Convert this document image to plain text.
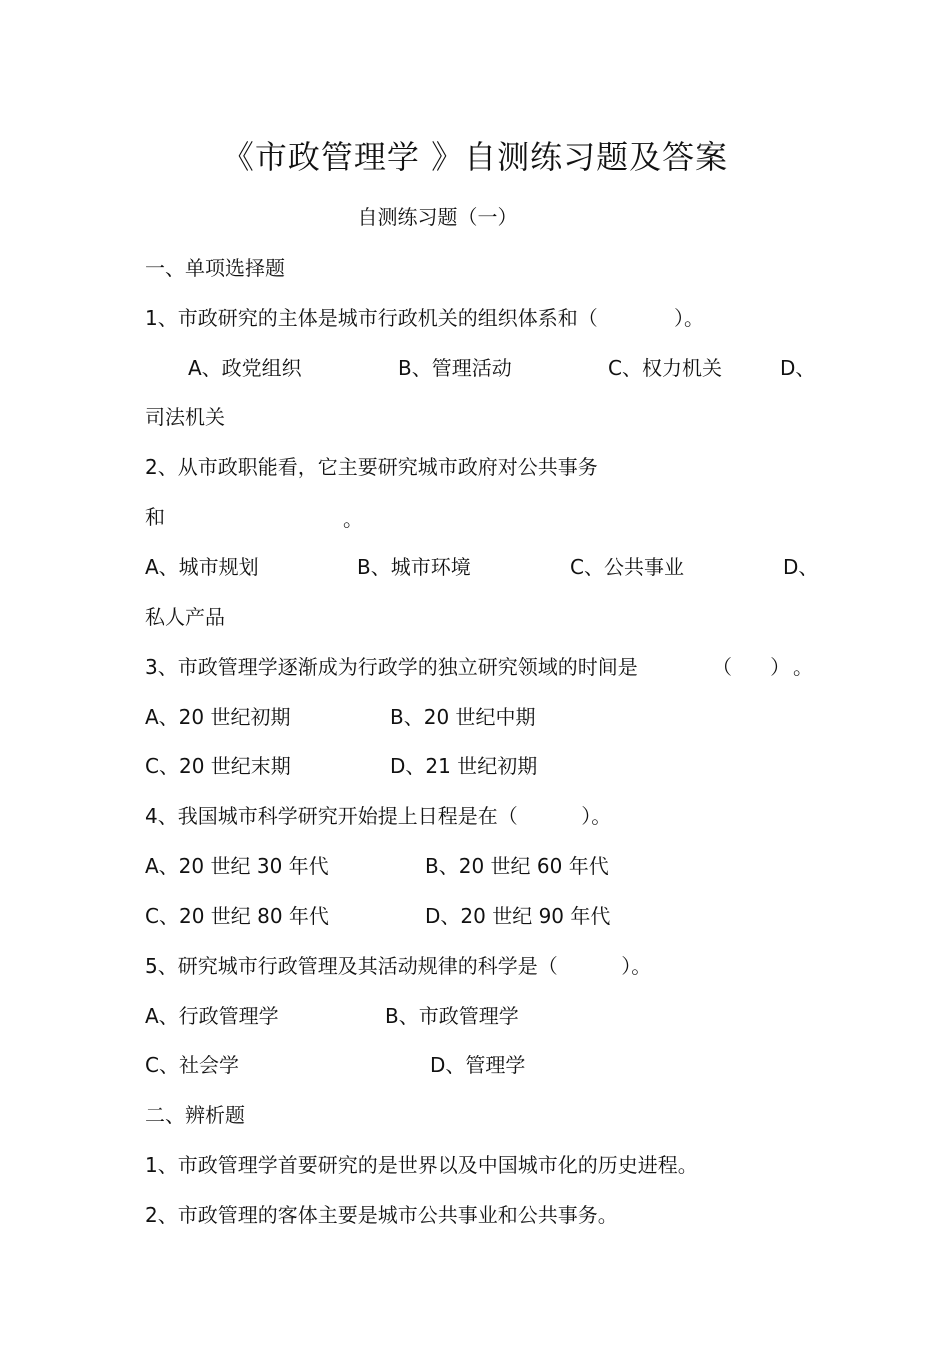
《市政管理学 》自测练习题及答案
自测练习题（一）
一、单项选择题
1、市政研究的主体是城市行政机关的组织体系和（            ）。
A、政党组织	B、管理活动	C、权力机关	D、
司法机关
2、从市政职能看，它主要研究城市政府对公共事务
和	。
A、城市规划	B、城市环境	C、公共事业	D、
私人产品
3、市政管理学逐渐成为行政学的独立研究领域的时间是	（      ） 。
A、20 世纪初期	B、20 世纪中期
C、20 世纪末期	D、21 世纪初期
4、我国城市科学研究开始提上日程是在（          ）。
A、20 世纪 30 年代	B、20 世纪 60 年代
C、20 世纪 80 年代	D、20 世纪 90 年代
5、研究城市行政管理及其活动规律的科学是（          ）。
A、行政管理学	B、市政管理学
C、社会学	D、管理学
二、辨析题
1、市政管理学首要研究的是世界以及中国城市化的历史进程。
2、市政管理的客体主要是城市公共事业和公共事务。
